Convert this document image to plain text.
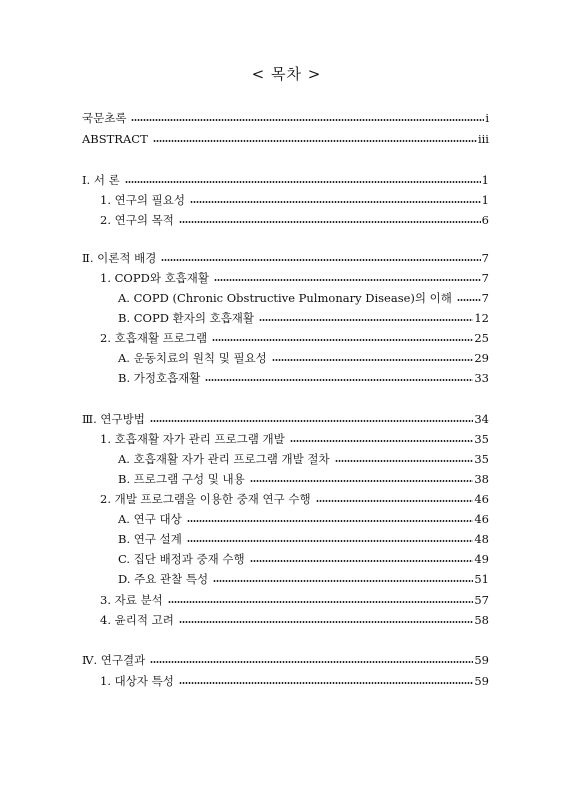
< 목차 >
국문초록	i
ABSTRACT	iii
Ⅰ. 서 론	1
1. 연구의 필요성	1
2. 연구의 목적	6
Ⅱ. 이론적 배경	7
1. COPD와 호흡재활	7
A. COPD (Chronic Obstructive Pulmonary Disease)의 이해	7
B. COPD 환자의 호흡재활	12
2. 호흡재활 프로그램	25
A. 운동치료의 원칙 및 필요성	29
B. 가정호흡재활	33
Ⅲ. 연구방법	34
1. 호흡재활 자가 관리 프로그램 개발	35
A. 호흡재활 자가 관리 프로그램 개발 절차	35
B. 프로그램 구성 및 내용	38
2. 개발 프로그램을 이용한 중재 연구 수행	46
A. 연구 대상	46
B. 연구 설계	48
C. 집단 배정과 중재 수행	49
D. 주요 관찰 특성	51
3. 자료 분석	57
4. 윤리적 고려	58
Ⅳ. 연구결과	59
1. 대상자 특성	59
